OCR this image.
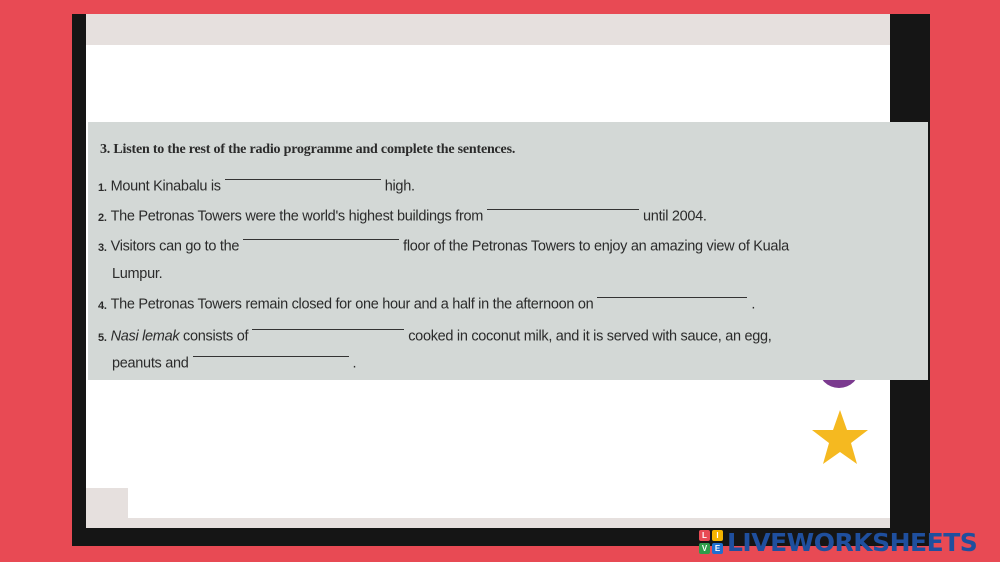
3. Listen to the rest of the radio programme and complete the sentences.
1. Mount Kinabalu is	high.
2. The Petronas Towers were the world's highest buildings from	until 2004.
3. Visitors can go to the	floor of the Petronas Towers to enjoy an amazing view of Kuala
Lumpur.
4. The Petronas Towers remain closed for one hour and a half in the afternoon on	.
5. Nasi lemak consists of	cooked in coconut milk, and it is served with sauce, an egg,
peanuts and	.
L	I
V E LIVEWORKSHEETS
